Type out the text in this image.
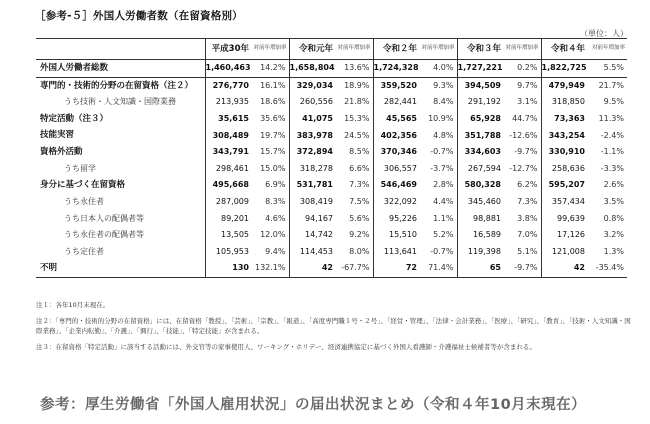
［参考-５］外国人労働者数（在留資格別）
（単位：人）
	平成30年	対前年増加率	令和元年	対前年増加率	令和２年	対前年増加率	令和３年	対前年増加率	令和４年	対前年増加率
外国人労働者総数	1,460,463	14.2%	1,658,804	13.6%	1,724,328	4.0%	1,727,221	0.2%	1,822,725	5.5%
専門的・技術的分野の在留資格（注２）	276,770	16.1%	329,034	18.9%	359,520	9.3%	394,509	9.7%	479,949	21.7%
うち技術・人文知識・国際業務	213,935	18.6%	260,556	21.8%	282,441	8.4%	291,192	3.1%	318,850	9.5%
特定活動（注３）	35,615	35.6%	41,075	15.3%	45,565	10.9%	65,928	44.7%	73,363	11.3%
技能実習	308,489	19.7%	383,978	24.5%	402,356	4.8%	351,788	-12.6%	343,254	-2.4%
資格外活動	343,791	15.7%	372,894	8.5%	370,346	-0.7%	334,603	-9.7%	330,910	-1.1%
うち留学	298,461	15.0%	318,278	6.6%	306,557	-3.7%	267,594	-12.7%	258,636	-3.3%
身分に基づく在留資格	495,668	6.9%	531,781	7.3%	546,469	2.8%	580,328	6.2%	595,207	2.6%
うち永住者	287,009	8.3%	308,419	7.5%	322,092	4.4%	345,460	7.3%	357,434	3.5%
うち日本人の配偶者等	89,201	4.6%	94,167	5.6%	95,226	1.1%	98,881	3.8%	99,639	0.8%
うち永住者の配偶者等	13,505	12.0%	14,742	9.2%	15,510	5.2%	16,589	7.0%	17,126	3.2%
うち定住者	105,953	9.4%	114,453	8.0%	113,641	-0.7%	119,398	5.1%	121,008	1.3%
不明	130	132.1%	42	-67.7%	72	71.4%	65	-9.7%	42	-35.4%

注１：各年10月末現在。

注２：「専門的・技術的分野の在留資格」には、在留資格「教授」、「芸術」、「宗教」、「報道」、「高度専門職１号・２号」、「経営・管理」、「法律・会計業務」、「医療」、「研究」、「教育」、「技術・人文知識・国際業務」、「企業内転勤」、「介護」、「興行」、「技能」、「特定技能」が含まれる。

注３：在留資格「特定活動」に該当する活動には、外交官等の家事使用人、ワーキング・ホリデー、経済連携協定に基づく外国人看護師・介護福祉士候補者等が含まれる。

参考：厚生労働省「外国人雇用状況」の届出状況まとめ（令和４年10月末現在）
